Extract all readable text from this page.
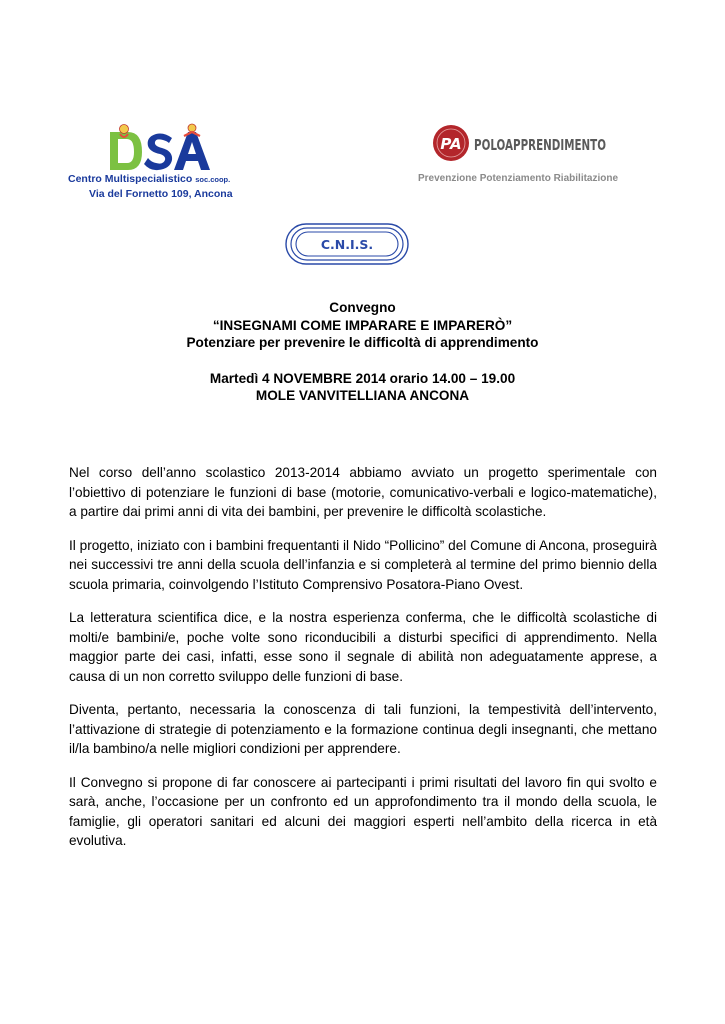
Centro Multispecialistico soc.coop.
Via del Fornetto 109, Ancona
PA POLOAPPRENDIMENTO
Prevenzione Potenziamento Riabilitazione
C.N.I.S.
Convegno
“INSEGNAMI COME IMPARARE E IMPARERÒ”
Potenziare per prevenire le difficoltà di apprendimento
Martedì 4 NOVEMBRE 2014 orario 14.00 – 19.00
MOLE VANVITELLIANA ANCONA

Nel corso dell’anno scolastico 2013-2014 abbiamo avviato un progetto sperimentale con l’obiettivo di potenziare le funzioni di base (motorie, comunicativo-verbali e logico-matematiche), a partire dai primi anni di vita dei bambini, per prevenire le difficoltà scolastiche.

Il progetto, iniziato con i bambini frequentanti il Nido “Pollicino” del Comune di Ancona, proseguirà nei successivi tre anni della scuola dell’infanzia e si completerà al termine del primo biennio della scuola primaria, coinvolgendo l’Istituto Comprensivo Posatora-Piano Ovest.

La letteratura scientifica dice, e la nostra esperienza conferma, che le difficoltà scolastiche di molti/e bambini/e, poche volte sono riconducibili a disturbi specifici di apprendimento. Nella maggior parte dei casi, infatti, esse sono il segnale di abilità non adeguatamente apprese, a causa di un non corretto sviluppo delle funzioni di base.

Diventa, pertanto, necessaria la conoscenza di tali funzioni, la tempestività dell’intervento, l’attivazione di strategie di potenziamento e la formazione continua degli insegnanti, che mettano il/la bambino/a nelle migliori condizioni per apprendere.

Il Convegno si propone di far conoscere ai partecipanti i primi risultati del lavoro fin qui svolto e sarà, anche, l’occasione per un confronto ed un approfondimento tra il mondo della scuola, le famiglie, gli operatori sanitari ed alcuni dei maggiori esperti nell’ambito della ricerca in età evolutiva.
